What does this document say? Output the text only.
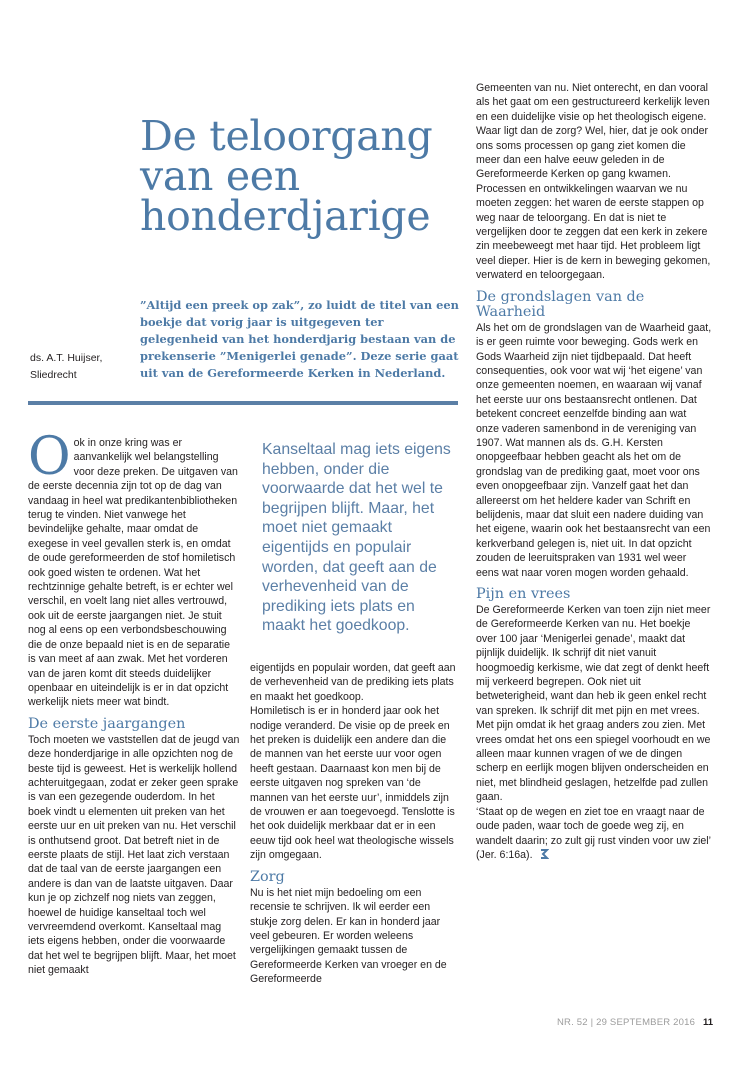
De teloorgang
van een
honderdjarige

”Altijd een preek op zak”, zo luidt de titel van een boekje dat vorig jaar is uitgegeven ter gelegenheid van het honderdjarig bestaan van de prekenserie ”Menigerlei genade”. Deze serie gaat uit van de Gereformeerde Kerken in Nederland.

ds. A.T. Huijser,
Sliedrecht
O ok in onze kring was er aanvankelijk wel belangstelling voor deze preken. De uitgaven van de eerste decennia zijn tot op de dag van vandaag in heel wat predikantenbibliotheken terug te vinden. Niet vanwege het bevindelijke gehalte, maar omdat de exegese in veel gevallen sterk is, en omdat de oude gereformeerden de stof homiletisch ook goed wisten te ordenen. Wat het rechtzinnige gehalte betreft, is er echter wel verschil, en voelt lang niet alles vertrouwd, ook uit de eerste jaargangen niet. Je stuit nog al eens op een verbondsbeschouwing die de onze bepaald niet is en de separatie is van meet af aan zwak. Met het vorderen van de jaren komt dit steeds duidelijker openbaar en uiteindelijk is er in dat opzicht werkelijk niets meer wat bindt.

De eerste jaargangen

Toch moeten we vaststellen dat de jeugd van deze honderdjarige in alle opzichten nog de beste tijd is geweest. Het is werkelijk hollend achteruitgegaan, zodat er zeker geen sprake is van een gezegende ouderdom. In het boek vindt u elementen uit preken van het eerste uur en uit preken van nu. Het verschil is onthutsend groot. Dat betreft niet in de eerste plaats de stijl. Het laat zich verstaan dat de taal van de eerste jaargangen een andere is dan van de laatste uitgaven. Daar kun je op zichzelf nog niets van zeggen, hoewel de huidige kanseltaal toch wel vervreemdend overkomt. Kanseltaal mag iets eigens hebben, onder die voorwaarde dat het wel te begrijpen blijft. Maar, het moet niet gemaakt

Kanseltaal mag iets eigens hebben, onder die voorwaarde dat het wel te begrijpen blijft. Maar, het moet niet gemaakt eigentijds en populair worden, dat geeft aan de verhevenheid van de prediking iets plats en maakt het goedkoop.

eigentijds en populair worden, dat geeft aan de verhevenheid van de prediking iets plats en maakt het goedkoop.

Homiletisch is er in honderd jaar ook het nodige veranderd. De visie op de preek en het preken is duidelijk een andere dan die de mannen van het eerste uur voor ogen heeft gestaan. Daarnaast kon men bij de eerste uitgaven nog spreken van ‘de mannen van het eerste uur’, inmiddels zijn de vrouwen er aan toegevoegd. Tenslotte is het ook duidelijk merkbaar dat er in een eeuw tijd ook heel wat theologische wissels zijn omgegaan.

Zorg

Nu is het niet mijn bedoeling om een recensie te schrijven. Ik wil eerder een stukje zorg delen. Er kan in honderd jaar veel gebeuren. Er worden weleens vergelijkingen gemaakt tussen de Gereformeerde Kerken van vroeger en de Gereformeerde

Gemeenten van nu. Niet onterecht, en dan vooral als het gaat om een gestructureerd kerkelijk leven en een duidelijke visie op het theologisch eigene. Waar ligt dan de zorg? Wel, hier, dat je ook onder ons soms processen op gang ziet komen die meer dan een halve eeuw geleden in de Gereformeerde Kerken op gang kwamen. Processen en ontwikkelingen waarvan we nu moeten zeggen: het waren de eerste stappen op weg naar de teloorgang. En dat is niet te vergelijken door te zeggen dat een kerk in zekere zin meebeweegt met haar tijd. Het probleem ligt veel dieper. Hier is de kern in beweging gekomen, verwaterd en teloorgegaan.

De grondslagen van de Waarheid

Als het om de grondslagen van de Waarheid gaat, is er geen ruimte voor beweging. Gods werk en Gods Waarheid zijn niet tijdbepaald. Dat heeft consequenties, ook voor wat wij ‘het eigene’ van onze gemeenten noemen, en waaraan wij vanaf het eerste uur ons bestaansrecht ontlenen. Dat betekent concreet eenzelfde binding aan wat onze vaderen samenbond in de vereniging van 1907. Wat mannen als ds. G.H. Kersten onopgeefbaar hebben geacht als het om de grondslag van de prediking gaat, moet voor ons even onopgeefbaar zijn. Vanzelf gaat het dan allereerst om het heldere kader van Schrift en belijdenis, maar dat sluit een nadere duiding van het eigene, waarin ook het bestaansrecht van een kerkverband gelegen is, niet uit. In dat opzicht zouden de leeruitspraken van 1931 wel weer eens wat naar voren mogen worden gehaald.

Pijn en vrees

De Gereformeerde Kerken van toen zijn niet meer de Gereformeerde Kerken van nu. Het boekje over 100 jaar ‘Menigerlei genade’, maakt dat pijnlijk duidelijk. Ik schrijf dit niet vanuit hoogmoedig kerkisme, wie dat zegt of denkt heeft mij verkeerd begrepen. Ook niet uit betweterigheid, want dan heb ik geen enkel recht van spreken. Ik schrijf dit met pijn en met vrees. Met pijn omdat ik het graag anders zou zien. Met vrees omdat het ons een spiegel voorhoudt en we alleen maar kunnen vragen of we de dingen scherp en eerlijk mogen blijven onderscheiden en niet, met blindheid geslagen, hetzelfde pad zullen gaan.

‘Staat op de wegen en ziet toe en vraagt naar de oude paden, waar toch de goede weg zij, en wandelt daarin; zo zult gij rust vinden voor uw ziel’ (Jer. 6:16a).

NR. 52 | 29 SEPTEMBER 2016 11
